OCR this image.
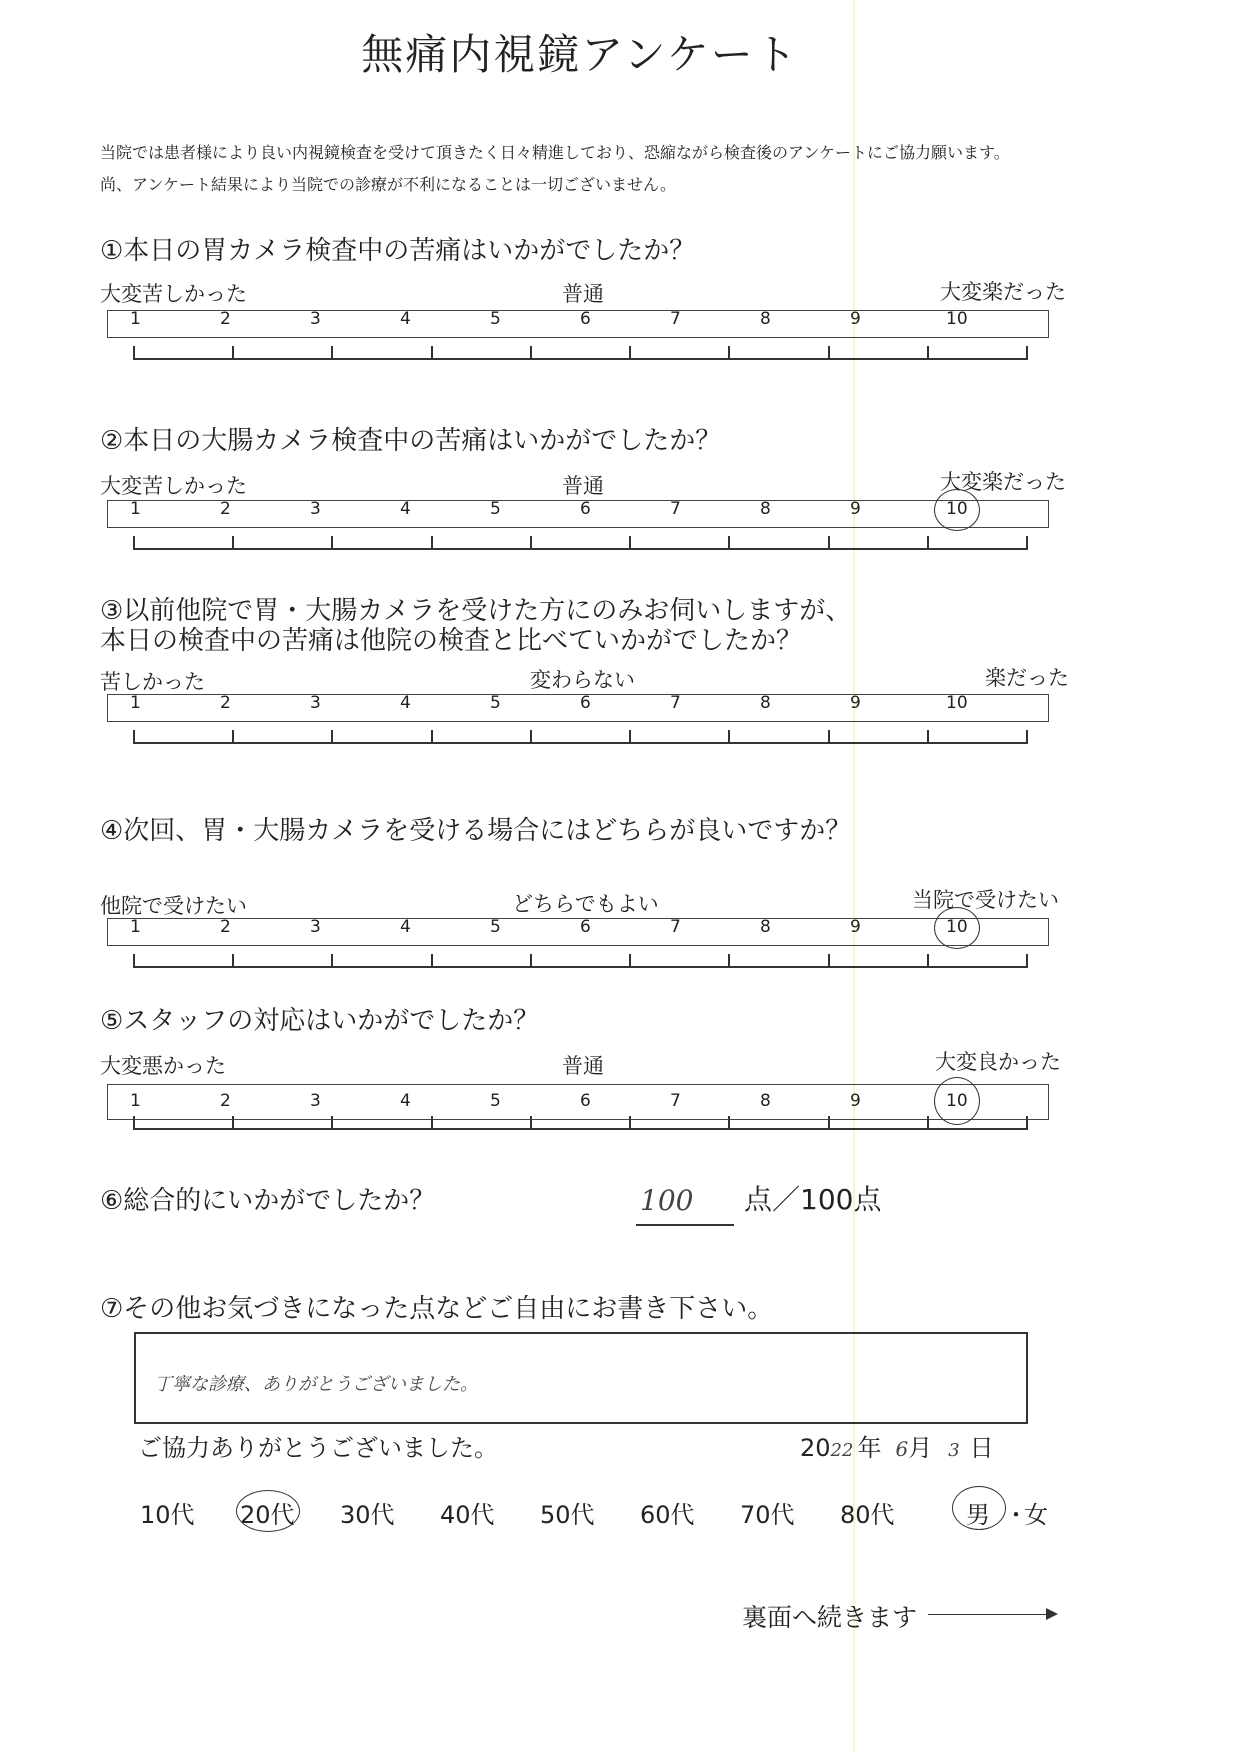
無痛内視鏡アンケート
当院では患者様により良い内視鏡検査を受けて頂きたく日々精進しており、恐縮ながら検査後のアンケートにご協力願います。
尚、アンケート結果により当院での診療が不利になることは一切ございません。
①本日の胃カメラ検査中の苦痛はいかがでしたか？
大変苦しかった	普通	大変楽だった
1	2	3	4	5	6	7	8	9	10
②本日の大腸カメラ検査中の苦痛はいかがでしたか？
大変苦しかった	普通	大変楽だった
1	2	3	4	5	6	7	8	9	10
③以前他院で胃・大腸カメラを受けた方にのみお伺いしますが、
本日の検査中の苦痛は他院の検査と比べていかがでしたか？
苦しかった	変わらない	楽だった
1	2	3	4	5	6	7	8	9	10
④次回、胃・大腸カメラを受ける場合にはどちらが良いですか？
他院で受けたい	どちらでもよい	当院で受けたい
1	2	3	4	5	6	7	8	9	10
⑤スタッフの対応はいかがでしたか？
大変悪かった	普通	大変良かった
1	2	3	4	5	6	7	8	9	10
⑥総合的にいかがでしたか？	100 点／100点
⑦その他お気づきになった点などご自由にお書き下さい。
丁寧な診療、ありがとうございました。
ご協力ありがとうございました。	2022 年 6月 3 日
10代 20代 30代 40代 50代 60代 70代 80代	男 ・
女
裏面へ続きます
